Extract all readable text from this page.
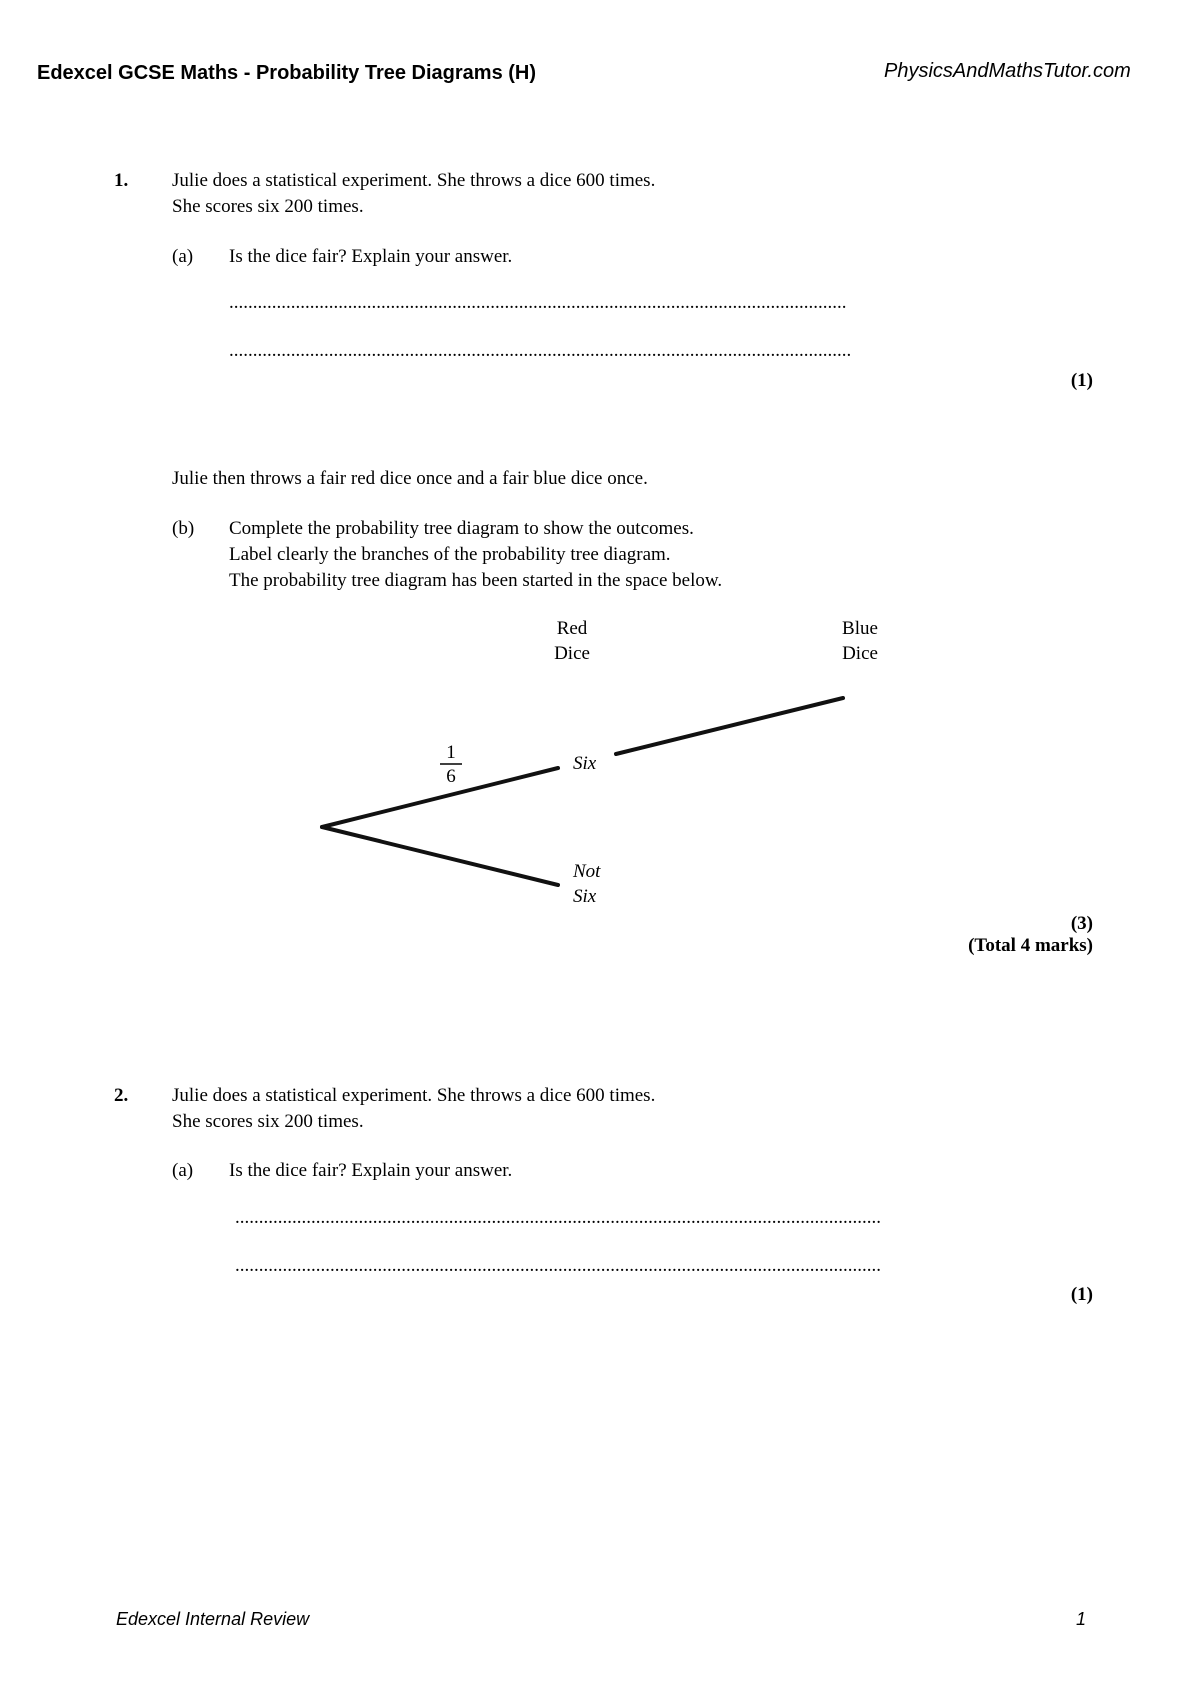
Edexcel GCSE Maths - Probability Tree Diagrams (H)	PhysicsAndMathsTutor.com
1. Julie does a statistical experiment. She throws a dice 600 times.
She scores six 200 times.
(a) Is the dice fair? Explain your answer.
..................................................................................................................................
...................................................................................................................................
(1)
Julie then throws a fair red dice once and a fair blue dice once.
(b) Complete the probability tree diagram to show the outcomes.
Label clearly the branches of the probability tree diagram.
The probability tree diagram has been started in the space below.
Red
Dice
Blue
Dice
1
6
Six
Not
Six
(3)
(Total 4 marks)
2. Julie does a statistical experiment. She throws a dice 600 times.
She scores six 200 times.
(a) Is the dice fair? Explain your answer.
........................................................................................................................................
........................................................................................................................................
(1)
Edexcel Internal Review	1
